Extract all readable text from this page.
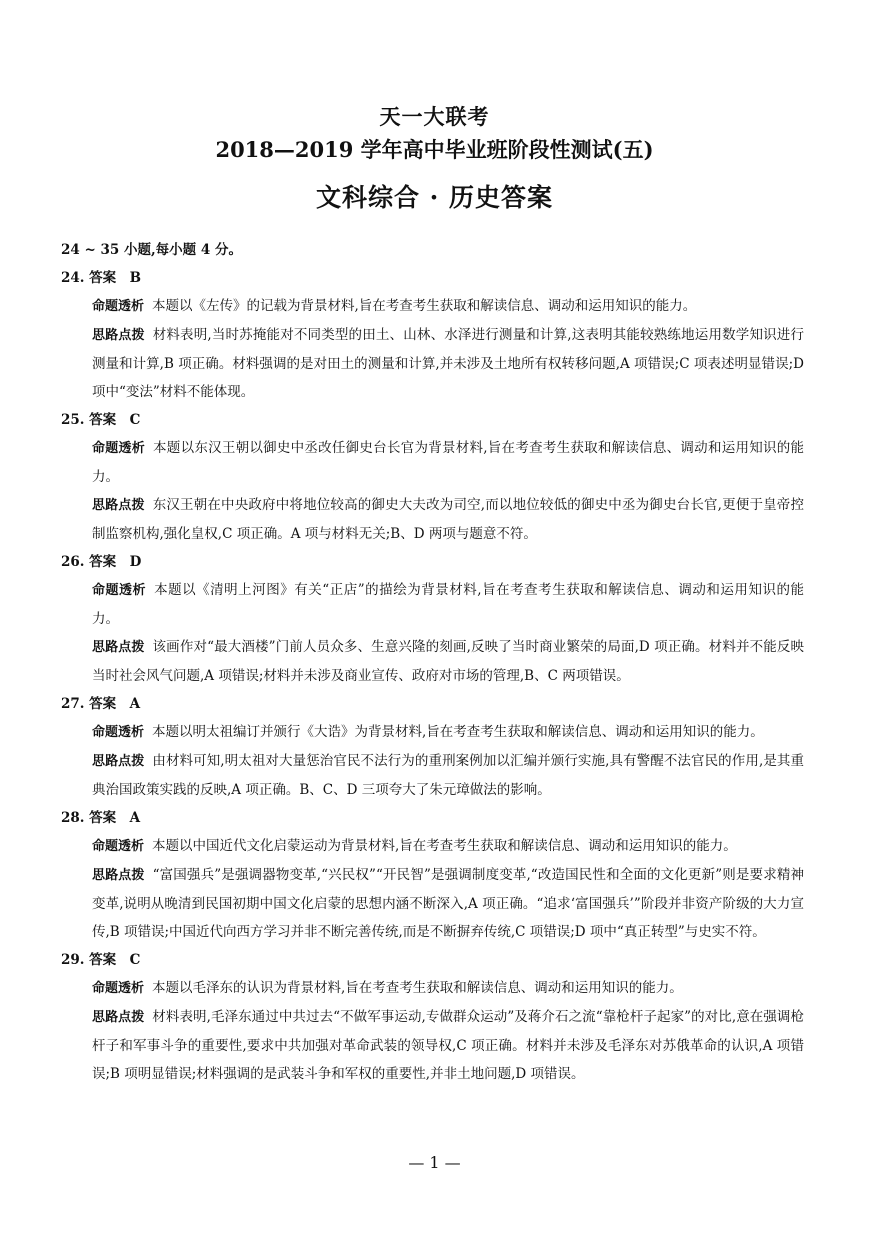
天一大联考
2018—2019 学年高中毕业班阶段性测试(五)
文科综合 · 历史答案
24 ~ 35 小题,每小题 4 分。
24. 答案　B
命题透析 本题以《左传》的记载为背景材料,旨在考查考生获取和解读信息、调动和运用知识的能力。
思路点拨 材料表明,当时苏掩能对不同类型的田土、山林、水泽进行测量和计算,这表明其能较熟练地运用数学知识进行测量和计算,B 项正确。材料强调的是对田土的测量和计算,并未涉及土地所有权转移问题,A 项错误;C 项表述明显错误;D 项中“变法”材料不能体现。
25. 答案　C
命题透析 本题以东汉王朝以御史中丞改任御史台长官为背景材料,旨在考查考生获取和解读信息、调动和运用知识的能力。
思路点拨 东汉王朝在中央政府中将地位较高的御史大夫改为司空,而以地位较低的御史中丞为御史台长官,更便于皇帝控制监察机构,强化皇权,C 项正确。A 项与材料无关;B、D 两项与题意不符。
26. 答案　D
命题透析 本题以《清明上河图》有关“正店”的描绘为背景材料,旨在考查考生获取和解读信息、调动和运用知识的能力。
思路点拨 该画作对“最大酒楼”门前人员众多、生意兴隆的刻画,反映了当时商业繁荣的局面,D 项正确。材料并不能反映当时社会风气问题,A 项错误;材料并未涉及商业宣传、政府对市场的管理,B、C 两项错误。
27. 答案　A
命题透析 本题以明太祖编订并颁行《大诰》为背景材料,旨在考查考生获取和解读信息、调动和运用知识的能力。
思路点拨 由材料可知,明太祖对大量惩治官民不法行为的重刑案例加以汇编并颁行实施,具有警醒不法官民的作用,是其重典治国政策实践的反映,A 项正确。B、C、D 三项夸大了朱元璋做法的影响。
28. 答案　A
命题透析 本题以中国近代文化启蒙运动为背景材料,旨在考查考生获取和解读信息、调动和运用知识的能力。
思路点拨 “富国强兵”是强调器物变革,“兴民权”“开民智”是强调制度变革,“改造国民性和全面的文化更新”则是要求精神变革,说明从晚清到民国初期中国文化启蒙的思想内涵不断深入,A 项正确。“追求‘富国强兵’”阶段并非资产阶级的大力宣传,B 项错误;中国近代向西方学习并非不断完善传统,而是不断摒弃传统,C 项错误;D 项中“真正转型”与史实不符。
29. 答案　C
命题透析 本题以毛泽东的认识为背景材料,旨在考查考生获取和解读信息、调动和运用知识的能力。
思路点拨 材料表明,毛泽东通过中共过去“不做军事运动,专做群众运动”及蒋介石之流“靠枪杆子起家”的对比,意在强调枪杆子和军事斗争的重要性,要求中共加强对革命武装的领导权,C 项正确。材料并未涉及毛泽东对苏俄革命的认识,A 项错误;B 项明显错误;材料强调的是武装斗争和军权的重要性,并非土地问题,D 项错误。
— 1 —
